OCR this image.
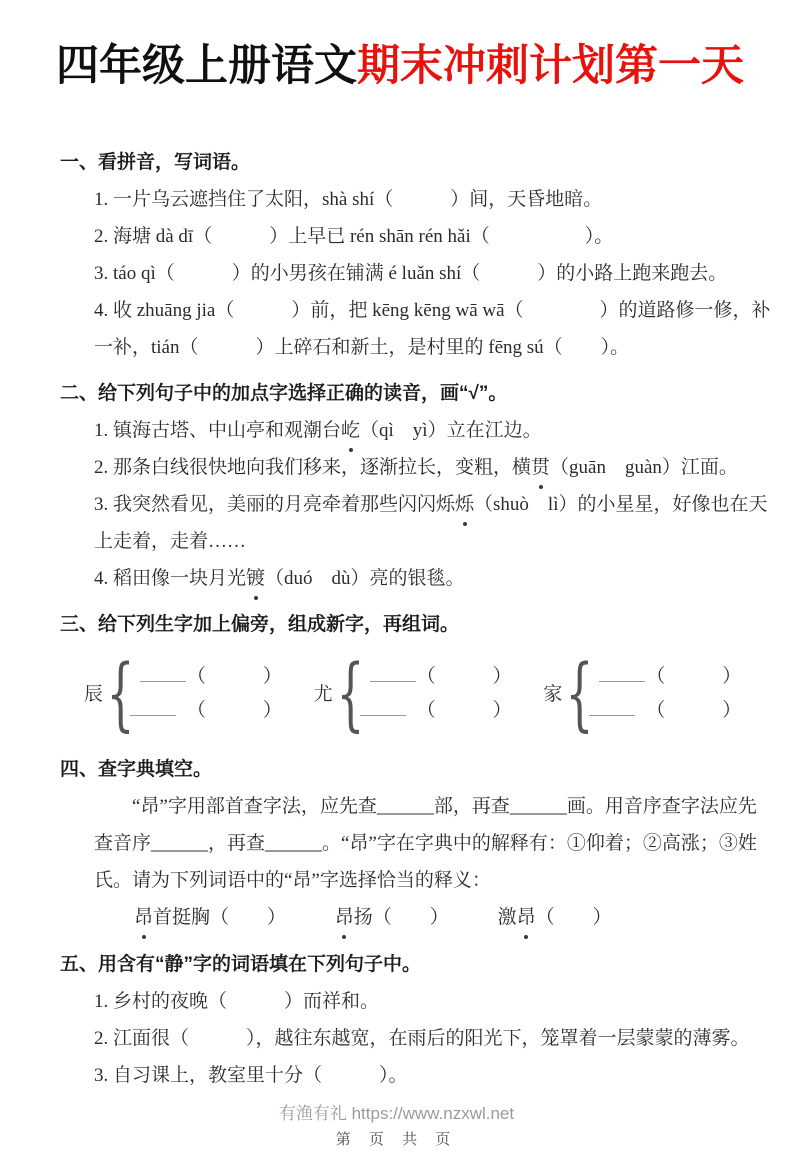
四年级上册语文期末冲刺计划第一天
一、看拼音，写词语。

1. 一片乌云遮挡住了太阳，shà shí（　　　）间，天昏地暗。

2. 海塘 dà dī（　　　）上早已 rén shān rén hǎi（　　　　　）。

3. táo qì（　　　）的小男孩在铺满 é luǎn shí（　　　）的小路上跑来跑去。

4. 收 zhuāng jia（　　　）前，把 kēng kēng wā wā（　　　　）的道路修一修，补一补，tián（　　　）上碎石和新土，是村里的 fēng sú（　　）。

二、给下列句子中的加点字选择正确的读音，画“√”。

1. 镇海古塔、中山亭和观潮台屹（qì　yì）立在江边。

2. 那条白线很快地向我们移来，逐渐拉长，变粗，横贯（guān　guàn）江面。

3. 我突然看见，美丽的月亮牵着那些闪闪烁烁（shuò　lì）的小星星，好像也在天上走着，走着……

4. 稻田像一块月光镀（duó　dù）亮的银毯。

三、给下列生字加上偏旁，组成新字，再组词。
辰 {	（　　　）
（　　　）
尤 {	（　　　）
（　　　）
家 {	（　　　）
（　　　）
四、查字典填空。

“昂”字用部首查字法，应先查______部，再查______画。用音序查字法应先查音序______，再查______。“昂”字在字典中的解释有：①仰着；②高涨；③姓氏。请为下列词语中的“昂”字选择恰当的释义：

昂首挺胸（　　）	昂扬（　　）	激昂（　　）

五、用含有“静”字的词语填在下列句子中。

1. 乡村的夜晚（　　　）而祥和。

2. 江面很（　　　），越往东越宽，在雨后的阳光下，笼罩着一层蒙蒙的薄雾。

3. 自习课上，教室里十分（　　　）。

有渔有礼 https://www.nzxwl.net
第 页 共 页
